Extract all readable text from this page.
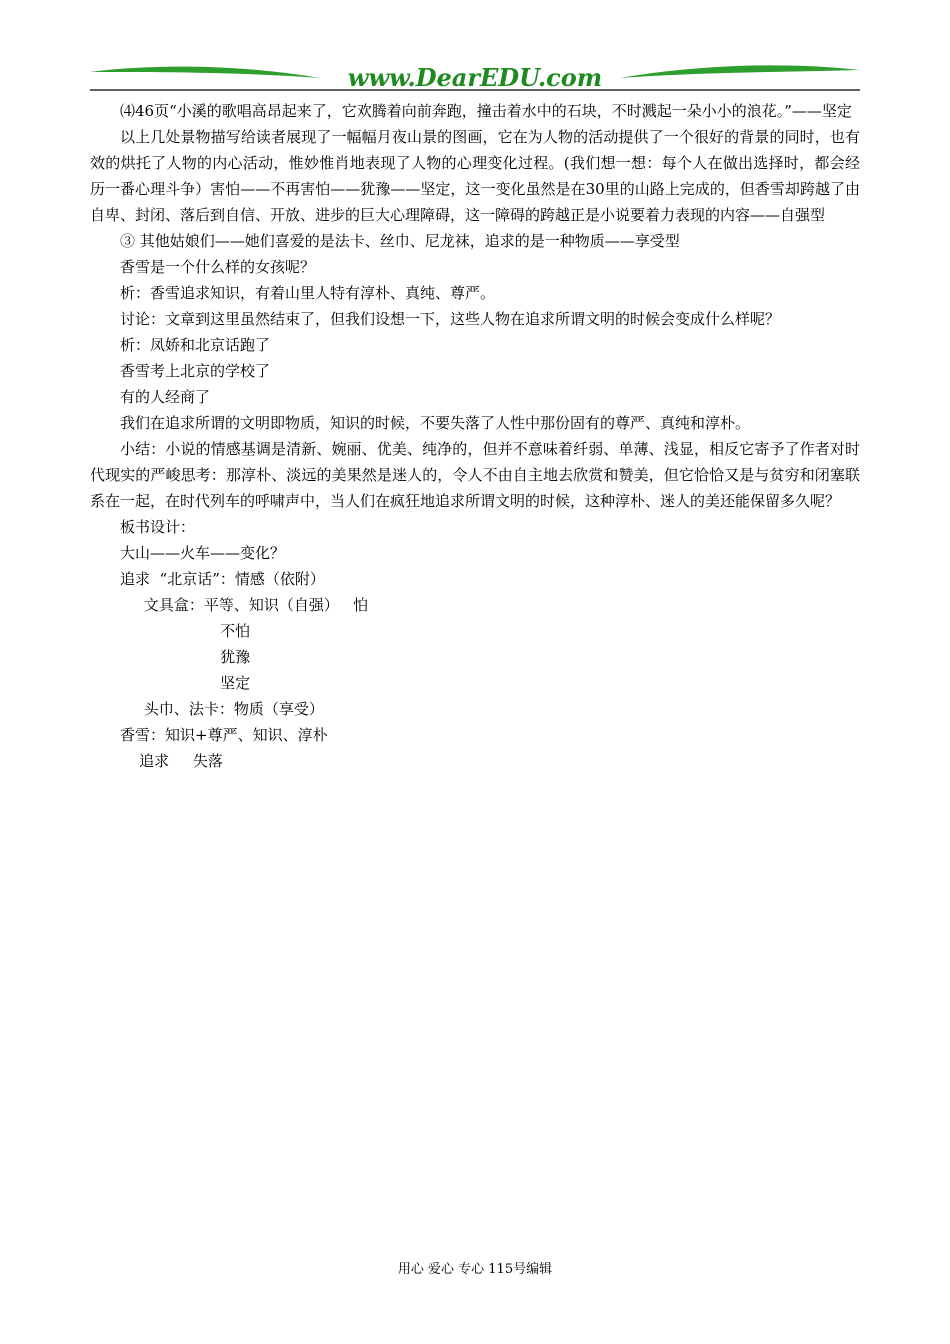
www.DearEDU.com

⑷46页“小溪的歌唱高昂起来了，它欢腾着向前奔跑，撞击着水中的石块，不时溅起一朵小小的浪花。”——坚定

以上几处景物描写给读者展现了一幅幅月夜山景的图画，它在为人物的活动提供了一个很好的背景的同时，也有效的烘托了人物的内心活动，惟妙惟肖地表现了人物的心理变化过程。(我们想一想：每个人在做出选择时，都会经历一番心理斗争）害怕——不再害怕——犹豫——坚定，这一变化虽然是在30里的山路上完成的，但香雪却跨越了由自卑、封闭、落后到自信、开放、进步的巨大心理障碍，这一障碍的跨越正是小说要着力表现的内容——自强型

③ 其他姑娘们——她们喜爱的是法卡、丝巾、尼龙袜，追求的是一种物质——享受型

香雪是一个什么样的女孩呢？

析：香雪追求知识，有着山里人特有淳朴、真纯、尊严。

讨论：文章到这里虽然结束了，但我们设想一下，这些人物在追求所谓文明的时候会变成什么样呢？

析：凤娇和北京话跑了

香雪考上北京的学校了

有的人经商了

我们在追求所谓的文明即物质，知识的时候，不要失落了人性中那份固有的尊严、真纯和淳朴。

小结：小说的情感基调是清新、婉丽、优美、纯净的，但并不意味着纤弱、单薄、浅显，相反它寄予了作者对时代现实的严峻思考：那淳朴、淡远的美果然是迷人的，令人不由自主地去欣赏和赞美，但它恰恰又是与贫穷和闭塞联系在一起，在时代列车的呼啸声中，当人们在疯狂地追求所谓文明的时候，这种淳朴、迷人的美还能保留多久呢？

板书设计：
大山——火车——变化？
追求  “北京话”：情感（依附）
文具盒：平等、知识（自强）   怕
不怕
犹豫
坚定
头巾、法卡：物质（享受）
香雪：知识+尊严、知识、淳朴
追求     失落
用心 爱心 专心 115号编辑
